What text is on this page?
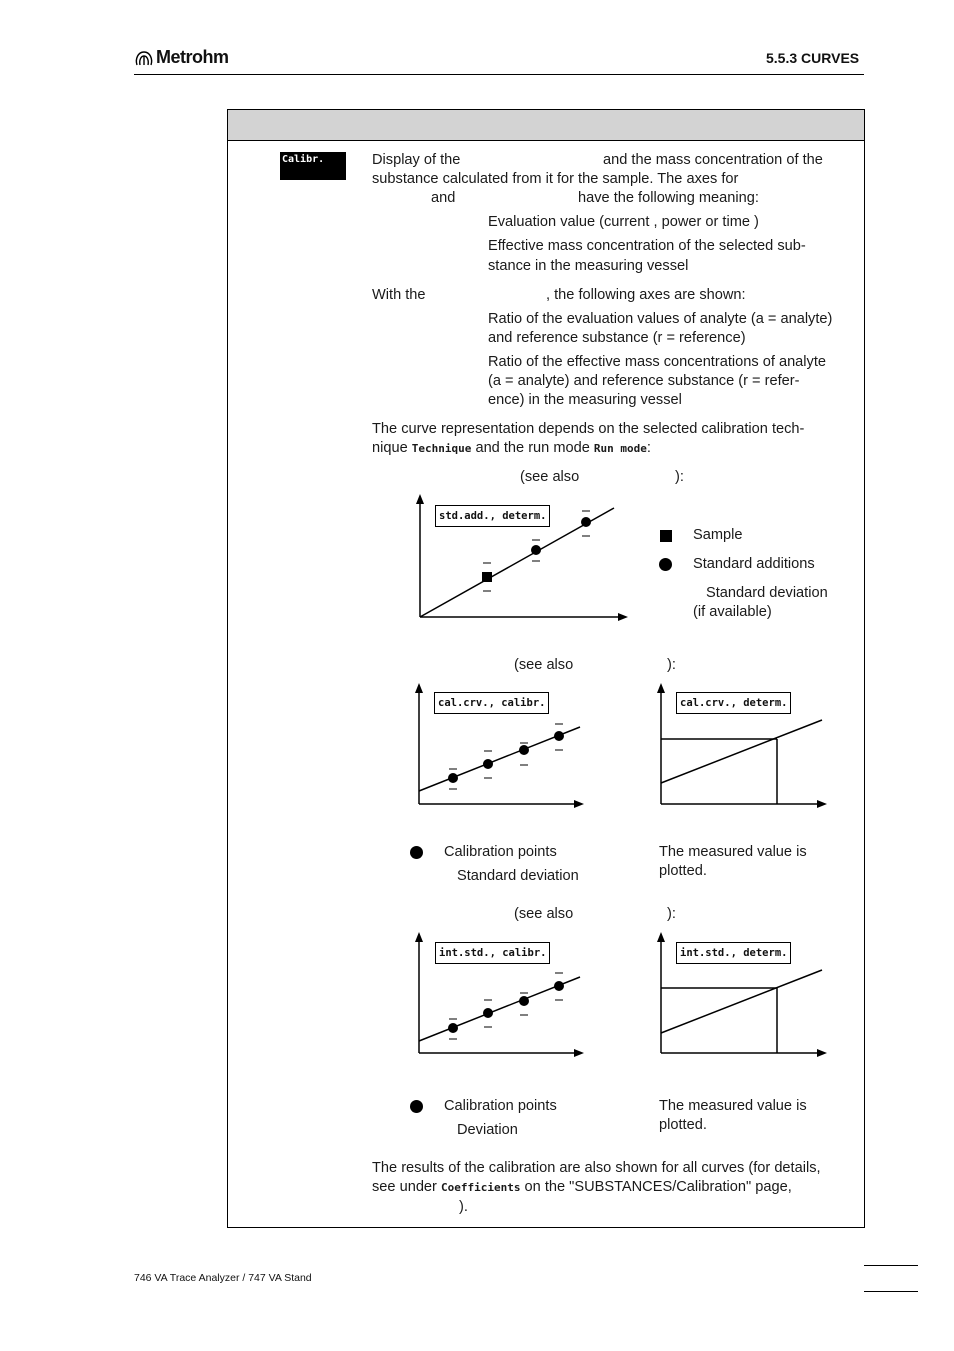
Metrohm	5.5.3 CURVES
Calibr.	Display of the	and the mass concentration of the
substance calculated from it for the sample. The axes for
and	have the following meaning:
Evaluation value (current , power or time )
Effective mass concentration of the selected sub-
stance in the measuring vessel
With the	, the following axes are shown:
Ratio of the evaluation values of analyte (a = analyte)
and reference substance (r = reference)
Ratio of the effective mass concentrations of analyte
(a = analyte) and reference substance (r = refer-
ence) in the measuring vessel
The curve representation depends on the selected calibration tech-
nique Technique and the run mode Run mode:
(see also	):
std.add., determ.
Sample
Standard additions
Standard deviation
(if available)
(see also	):
cal.crv., calibr.	cal.crv., determ.
Calibration points
Standard deviation
The measured value is
plotted.
(see also	):
int.std., calibr.	int.std., determ.
Calibration points
Deviation
The measured value is
plotted.
The results of the calibration are also shown for all curves (for details,
see under Coefficients on the "SUBSTANCES/Calibration" page,
).
746 VA Trace Analyzer / 747 VA Stand
